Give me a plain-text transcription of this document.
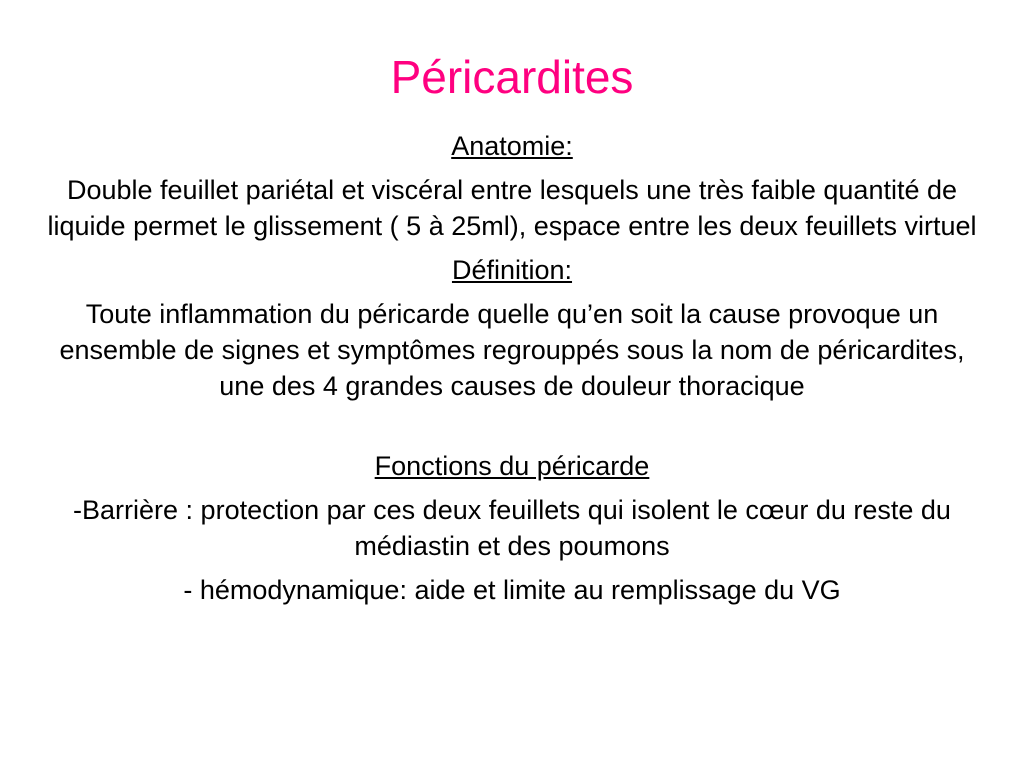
Péricardites
Anatomie:
Double feuillet pariétal et viscéral entre lesquels une très faible quantité de liquide permet le glissement ( 5 à 25ml), espace entre les deux feuillets virtuel
Définition:
Toute inflammation du péricarde quelle qu’en soit la cause provoque un ensemble de signes et symptômes regrouppés sous la nom de péricardites, une des 4 grandes causes de douleur thoracique
Fonctions du péricarde
-Barrière : protection par ces deux feuillets qui isolent le cœur du reste du médiastin et des poumons
- hémodynamique: aide et limite au remplissage du VG
